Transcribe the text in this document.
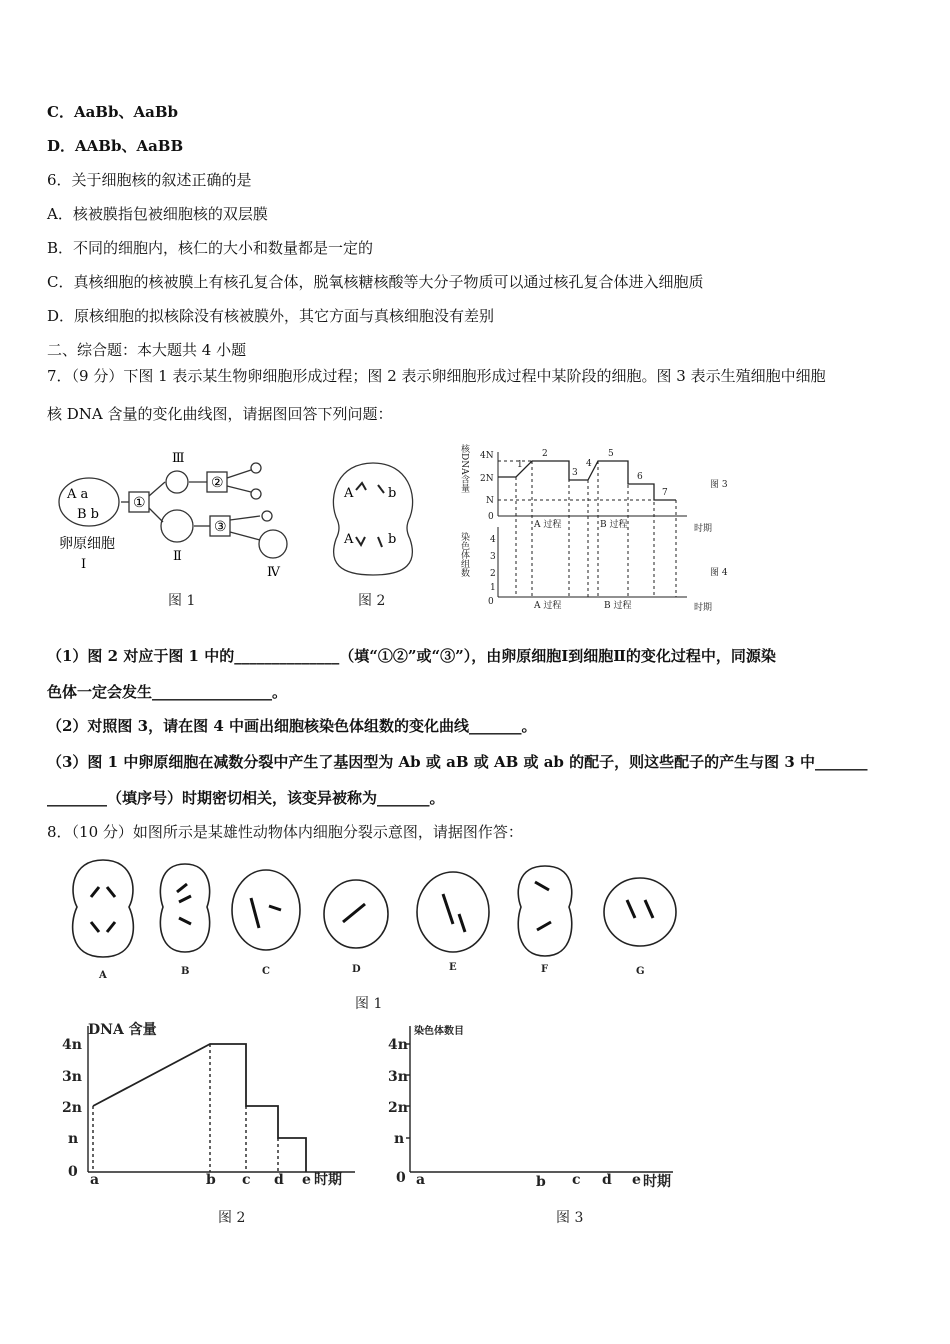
C．AaBb、AaBb
D．AABb、AaBB
6．关于细胞核的叙述正确的是
A．核被膜指包被细胞核的双层膜
B．不同的细胞内，核仁的大小和数量都是一定的
C．真核细胞的核被膜上有核孔复合体，脱氧核糖核酸等大分子物质可以通过核孔复合体进入细胞质
D．原核细胞的拟核除没有核被膜外，其它方面与真核细胞没有差别
二、综合题：本大题共 4 小题
7．（9 分）下图 1 表示某生物卵细胞形成过程；图 2 表示卵细胞形成过程中某阶段的细胞。图 3 表示生殖细胞中细胞
核 DNA 含量的变化曲线图，请据图回答下列问题：
A a
B b
①
②
③
Ⅲ
Ⅱ
Ⅳ
卵原细胞
Ⅰ
图 1
A	b
A	b
图 2
核DNA含量 4N
2N
N
0
1
2
3
4
5
6
7
A 过程	B 过程	时期
图 3
染色体组数 4
3
2
1
0	A 过程	B 过程	时期
图 4
（1）图 2 对应于图 1 中的______________（填“①②”或“③”），由卵原细胞Ⅰ到细胞Ⅱ的变化过程中，同源染
色体一定会发生________________。
（2）对照图 3，请在图 4 中画出细胞核染色体组数的变化曲线_______。
（3）图 1 中卵原细胞在减数分裂中产生了基因型为 Ab 或 aB 或 AB 或 ab 的配子，则这些配子的产生与图 3 中_______
________（填序号）时期密切相关，该变异被称为_______。
8．（10 分）如图所示是某雄性动物体内细胞分裂示意图，请据图作答：
A	B	C	D	E	F	G
图 1
DNA 含量
4n
3n
2n
n
0 a	b c d e 时期
图 2
染色体数目
4n
3n
2n
n
0 a	b c d e 时期
图 3
